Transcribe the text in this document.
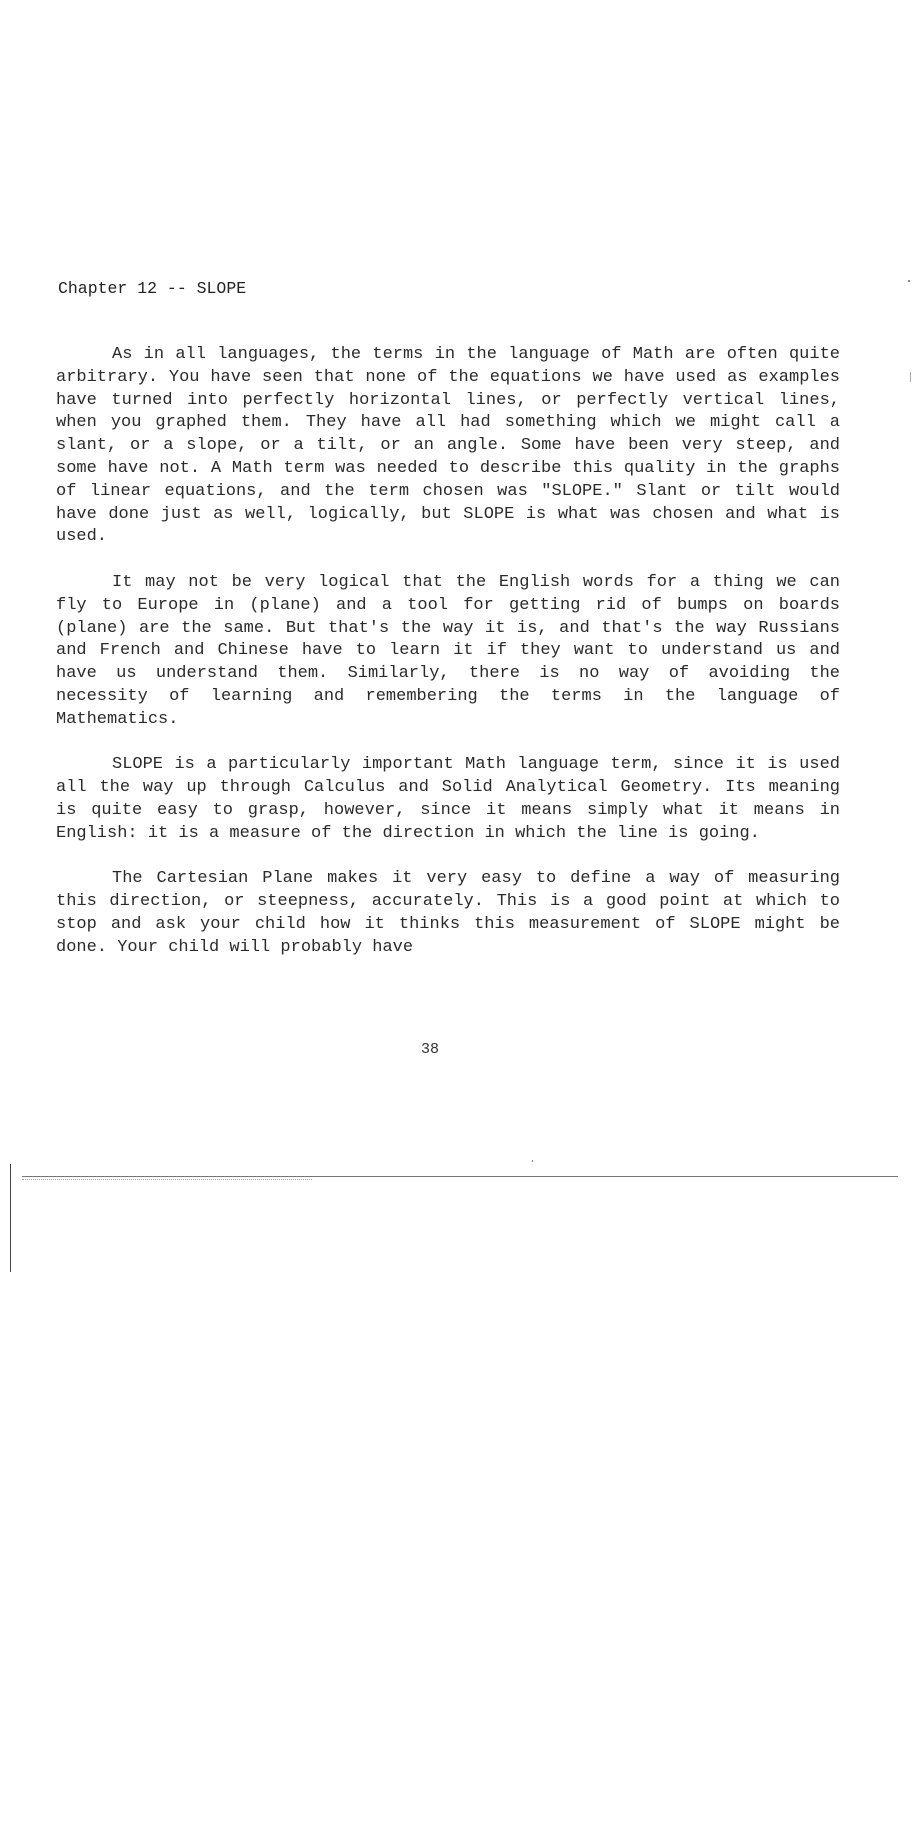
Chapter 12 -- SLOPE

As in all languages, the terms in the language of Math are often quite arbitrary. You have seen that none of the equations we have used as examples have turned into perfectly horizontal lines, or perfectly vertical lines, when you graphed them. They have all had something which we might call a slant, or a slope, or a tilt, or an angle. Some have been very steep, and some have not. A Math term was needed to describe this quality in the graphs of linear equations, and the term chosen was "SLOPE." Slant or tilt would have done just as well, logically, but SLOPE is what was chosen and what is used.

It may not be very logical that the English words for a thing we can fly to Europe in (plane) and a tool for getting rid of bumps on boards (plane) are the same. But that's the way it is, and that's the way Russians and French and Chinese have to learn it if they want to understand us and have us understand them. Similarly, there is no way of avoiding the necessity of learning and remembering the terms in the language of Mathematics.

SLOPE is a particularly important Math language term, since it is used all the way up through Calculus and Solid Analytical Geometry. Its meaning is quite easy to grasp, however, since it means simply what it means in English: it is a measure of the direction in which the line is going.

The Cartesian Plane makes it very easy to define a way of measuring this direction, or steepness, accurately. This is a good point at which to stop and ask your child how it thinks this measurement of SLOPE might be done. Your child will probably have

38
